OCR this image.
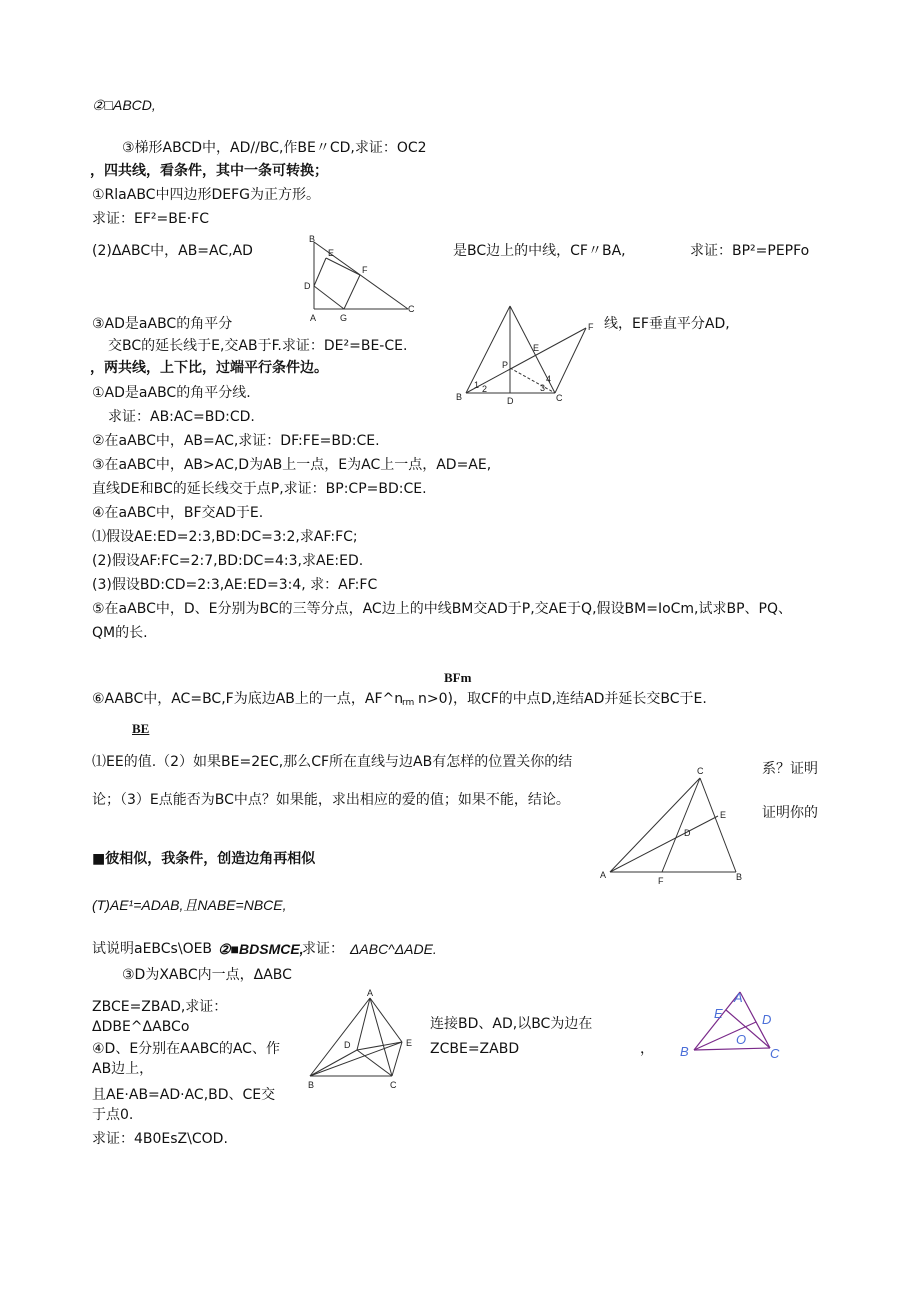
②□ABCD,
③梯形ABCD中，AD//BC,作BE〃CD,求证：OC2
，四共线，看条件，其中一条可转换；
①RlaABC中四边形DEFG为正方形。
求证：EF²=BE·FC
(2)ΔABC中，AB=AC,AD	是BC边上的中线，CF〃BA,	求证：BP²=PEPFo
③AD是aABC的角平分	线，EF垂直平分AD,
交BC的延长线于E,交AB于F.求证：DE²=BE-CE.
，两共线，上下比，过端平行条件边。
①AD是aABC的角平分线.
求证：AB:AC=BD:CD.
②在aABC中，AB=AC,求证：DF:FE=BD:CE.
③在aABC中，AB>AC,D为AB上一点，E为AC上一点，AD=AE,
直线DE和BC的延长线交于点P,求证：BP:CP=BD:CE.
④在aABC中，BF交AD于E.
⑴假设AE:ED=2:3,BD:DC=3:2,求AF:FC;
(2)假设AF:FC=2:7,BD:DC=4:3,求AE:ED.
(3)假设BD:CD=2:3,AE:ED=3:4, 求：AF:FC
⑤在aABC中，D、E分别为BC的三等分点，AC边上的中线BM交AD于P,交AE于Q,假设BM=IoCm,试求BP、PQ、
QM的长.
BFm
⑥AABC中，AC=BC,F为底边AB上的一点，AF^n
rm n>0)，取CF的中点D,连结AD并延长交BC于E.
BE
⑴EE的值.（2）如果BE=2EC,那么CF所在直线与边AB有怎样的位置关你的结	系？证明
论；（3）E点能否为BC中点？如果能，求出相应的爱的值；如果不能，结论。
证明你的
■彼相似，我条件，创造边角再相似
(T)AE¹=ADAB,且NABE=NBCE,
试说明aEBCs\OEB ②■BDSMCE,
求证： ΔABC^ΔADE.
③D为XABC内一点，ΔABC
ZBCE=ZBAD,求证：
ΔDBE^ΔABCo	连接BD、AD,以BC为边在
④D、E分别在AABC的AC、作	ZCBE=ZABD	，
AB边上，
且AE·AB=AD·AC,BD、CE交
于点0.
求证：4B0EsZ\COD.
B
E
F
D
A	G
C
F
E
P
B	D	C
1 2	3
4
C
E
D
A
F	B
A
D	E
B	C
A
E	D
O
B	C
